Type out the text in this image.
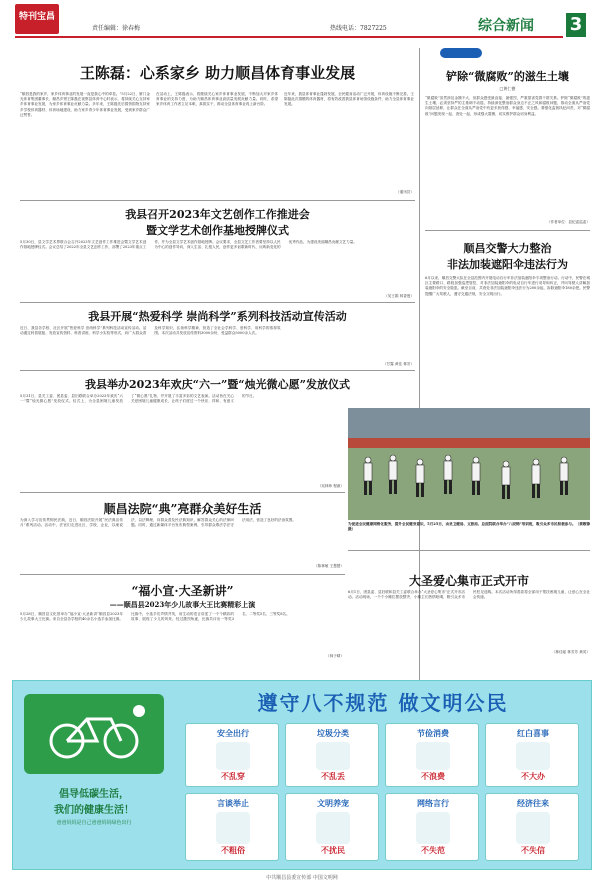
特刊宝昌
责任编辑：徐春梅	热线电话：7827225	综合新闻 3
王陈磊：心系家乡 助力顺昌体育事业发展
“顺昌是我的家乡，家乡体育事业的发展一直是我心中的牵挂。”5月22日，厦门金光体育集团董事长、顺昌乡贤王陈磊在视察县体育中心时表示，将持续关心支持家乡体育事业发展，为家乡体育事业贡献力量。多年来，王陈磊先后捐资捐物支持家乡学校体育器材、体育场地建设，助力家乡青少年体育事业发展，受到家乡群众广泛赞誉。
在活动上，王陈磊表示，将继续关心家乡体育事业发展，不断加大对家乡体育事业的支持力度，为助力顺昌体育事业高质量发展贡献力量。同时，希望家乡体育工作者立足本职，真抓实干，推动全县体育事业再上新台阶。
近年来，我县体育事业蓬勃发展，全民健身活动广泛开展，体育设施不断完善。王陈磊此次捐赠的体育器材，将有效改善我县体育场馆设施条件，助力全县体育事业发展。
（通讯员）
铲除“微腐败”的滋生土壤
□黄仁德
“微腐败”虽然涉及金额不大，但群众感受最直接、最强烈，严重损害党群干群关系。铲除“微腐败”的滋生土壤，必须坚持严的主基调不动摇，持续深化整治群众身边不正之风和腐败问题，推动全面从严治党向基层延伸，让群众在全面从严治党中有更多获得感、幸福感、安全感。要强化监督执纪问责，对“微腐败”问题发现一起、查处一起，形成强大震慑，切实维护群众切身利益。
（作者单位：县纪委监委）
顺昌交警大力整治
非法加装遮阳伞违法行为
6月以来，顺昌交警大队在全县范围内开展电动自行车非法加装遮阳伞专项整治行动。行动中，民警在城区主要路口、路段加强巡逻管控，对非法加装遮阳伞的电动自行车进行劝导和纠正，并向驾驶人讲解加装遮阳伞的安全隐患。截至目前，共查处非法加装遮阳伞违法行为200余起，拆除遮阳伞180余把。民警提醒广大驾驶人，遵守交通法规，安全文明出行。
我县召开2023年文艺创作工作推进会
暨文学艺术创作基地授牌仪式
5月30日，县文学艺术界联合会召开2023年文艺创作工作推进会暨文学艺术创作基地授牌仪式。会议总结了2022年全县文艺创作工作，部署了2023年重点工作，并为全县文学艺术创作基地授牌。会议要求，全县文艺工作者要坚持以人民为中心的创作导向，深入生活、扎根人民，创作更多讴歌新时代、反映新变化的优秀作品，为建设美丽顺昌贡献文艺力量。
（吴王娟 林香莲）
我县开展“热爱科学 崇尚科学”系列科技活动宣传活动
近日，我县各学校、社区开展“热爱科学 崇尚科学”系列科技活动宣传活动。活动通过科普展板、发放宣传资料、科普讲座、科学小实验等形式，向广大群众普及科学知识，弘扬科学精神，营造了全社会学科学、爱科学、用科学的浓厚氛围。本次活动共发放宣传资料3000余份，受益群众5000余人次。
（甘露 黄佳 林芳）
我县举办2023年欢庆“六一”暨“烛光微心愿”发放仪式
5月31日，县关工委、团县委、县妇联联合举办2023年欢庆“六一”暨“烛光微心愿”发放仪式。仪式上，为全县困境儿童发放了“微心愿”礼物，并开展了丰富多彩的文艺表演。活动旨在关心关爱困境儿童健康成长，让孩子们度过一个快乐、祥和、有意义的节日。
（吴林炜 程淑）
为促进全民健康网格化服务，提升全民健身意识，5月25日，由县卫健局、文旅局、总医院联合举办“八段锦”培训班，吸引众多市民积极参与。（黄敬锋 摄）
顺昌法院“典”亮群众美好生活
为深入学习宣传贯彻民法典，近日，顺昌法院开展“民法典宣传月”系列活动。活动中，法官们走进社区、学校、企业，以案说法、以法释理，向群众普及民法典知识，解答群众关心的法律问题。同时，通过新媒体平台发布典型案例，引导群众尊法学法守法用法，营造了良好的法治氛围。
（陈林敏 王慧慧）
“福小宣·大圣新讲”
——顺昌县2023年少儿故事大王比赛精彩上演
5月28日，顺昌县文化馆举办“福小宣·大圣新讲”顺昌县2023年少儿故事大王比赛。来自全县各学校的40余名小选手参加比赛。比赛中，小选手们声情并茂，用生动的语言讲述了一个个精彩的故事，展现了少儿的风采。经过激烈角逐，比赛共评出一等奖3名、二等奖5名、三等奖8名。
（林子晴）
大圣爱心集市正式开市
6月1日，团县委、县妇联和县关工委联合举办“大圣爱心集市”正式开市活动。活动现场，一个个小摊位摆放整齐，小摊主们热情吆喝，吸引众多市民驻足选购。本次活动所得善款将全部用于帮扶困境儿童，让爱心在全社会传递。
（林佳瑶 林芳芳 黄英）
倡导低碳生活，
我们的健康生活！
爸爸妈妈是自己爸爸妈妈绿色出行
遵守八不规范 做文明公民
安全出行
不乱穿
垃圾分类
不乱丢
节俭消费
不浪费
红白喜事
不大办
言谈举止
不粗俗
文明养宠
不扰民
网络言行
不失范
经济往来
不失信
中共顺昌县委宣传部 中国文明网
